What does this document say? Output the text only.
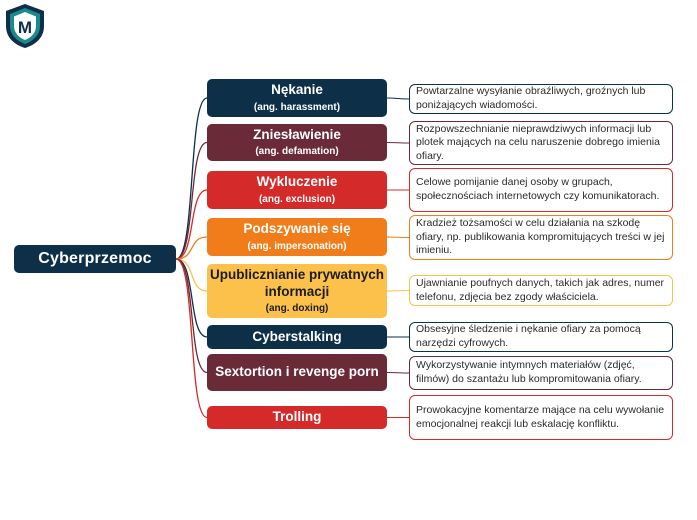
M
Cyberprzemoc
Nękanie
(ang. harassment)
Powtarzalne wysyłanie obraźliwych, groźnych lub poniżających wiadomości.
Zniesławienie
(ang. defamation)
Rozpowszechnianie nieprawdziwych informacji lub plotek mających na celu naruszenie dobrego imienia ofiary.
Wykluczenie
(ang. exclusion)
Celowe pomijanie danej osoby w grupach, społecznościach internetowych czy komunikatorach.
Podszywanie się
(ang. impersonation)
Kradzież tożsamości w celu działania na szkodę ofiary, np. publikowania kompromitujących treści w jej imieniu.
Upublicznianie prywatnych informacji
(ang. doxing)
Ujawnianie poufnych danych, takich jak adres, numer telefonu, zdjęcia bez zgody właściciela.
Cyberstalking	Obsesyjne śledzenie i nękanie ofiary za pomocą narzędzi cyfrowych.
Sextortion i revenge porn	Wykorzystywanie intymnych materiałów (zdjęć, filmów) do szantażu lub kompromitowania ofiary.
Trolling	Prowokacyjne komentarze mające na celu wywołanie emocjonalnej reakcji lub eskalację konfliktu.
